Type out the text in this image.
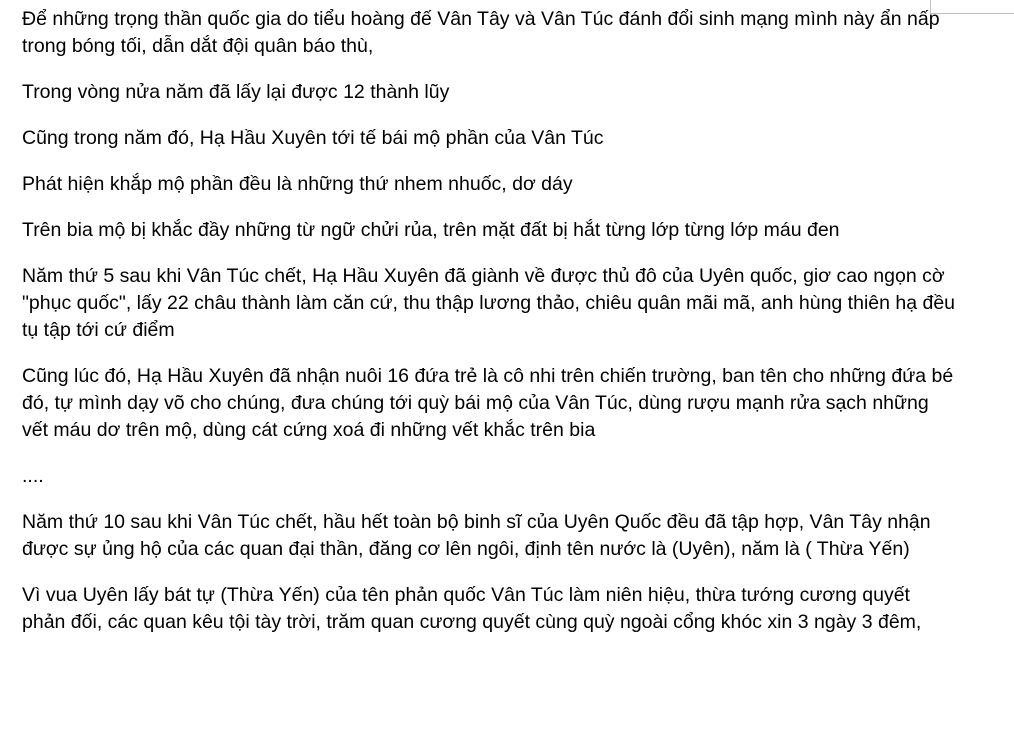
Để những trọng thần quốc gia do tiểu hoàng đế Vân Tây và Vân Túc đánh đổi sinh mạng mình này ẩn nấp trong bóng tối, dẫn dắt đội quân báo thù,

Trong vòng nửa năm đã lấy lại được 12 thành lũy

Cũng trong năm đó, Hạ Hầu Xuyên tới tế bái mộ phần của Vân Túc

Phát hiện khắp mộ phần đều là những thứ nhem nhuốc, dơ dáy

Trên bia mộ bị khắc đầy những từ ngữ chửi rủa, trên mặt đất bị hắt từng lớp từng lớp máu đen

Năm thứ 5 sau khi Vân Túc chết, Hạ Hầu Xuyên đã giành về được thủ đô của Uyên quốc, giơ cao ngọn cờ "phục quốc", lấy 22 châu thành làm căn cứ, thu thập lương thảo, chiêu quân mãi mã, anh hùng thiên hạ đều tụ tập tới cứ điểm

Cũng lúc đó, Hạ Hầu Xuyên đã nhận nuôi 16 đứa trẻ là cô nhi trên chiến trường, ban tên cho những đứa bé đó, tự mình dạy võ cho chúng, đưa chúng tới quỳ bái mộ của Vân Túc, dùng rượu mạnh rửa sạch những vết máu dơ trên mộ, dùng cát cứng xoá đi những vết khắc trên bia

....

Năm thứ 10 sau khi Vân Túc chết, hầu hết toàn bộ binh sĩ của Uyên Quốc đều đã tập hợp, Vân Tây nhận được sự ủng hộ của các quan đại thần, đăng cơ lên ngôi, định tên nước là (Uyên), năm là ( Thừa Yến)

Vì vua Uyên lấy bát tự (Thừa Yến) của tên phản quốc Vân Túc làm niên hiệu, thừa tướng cương quyết phản đối, các quan kêu tội tày trời, trăm quan cương quyết cùng quỳ ngoài cổng khóc xin 3 ngày 3 đêm,
